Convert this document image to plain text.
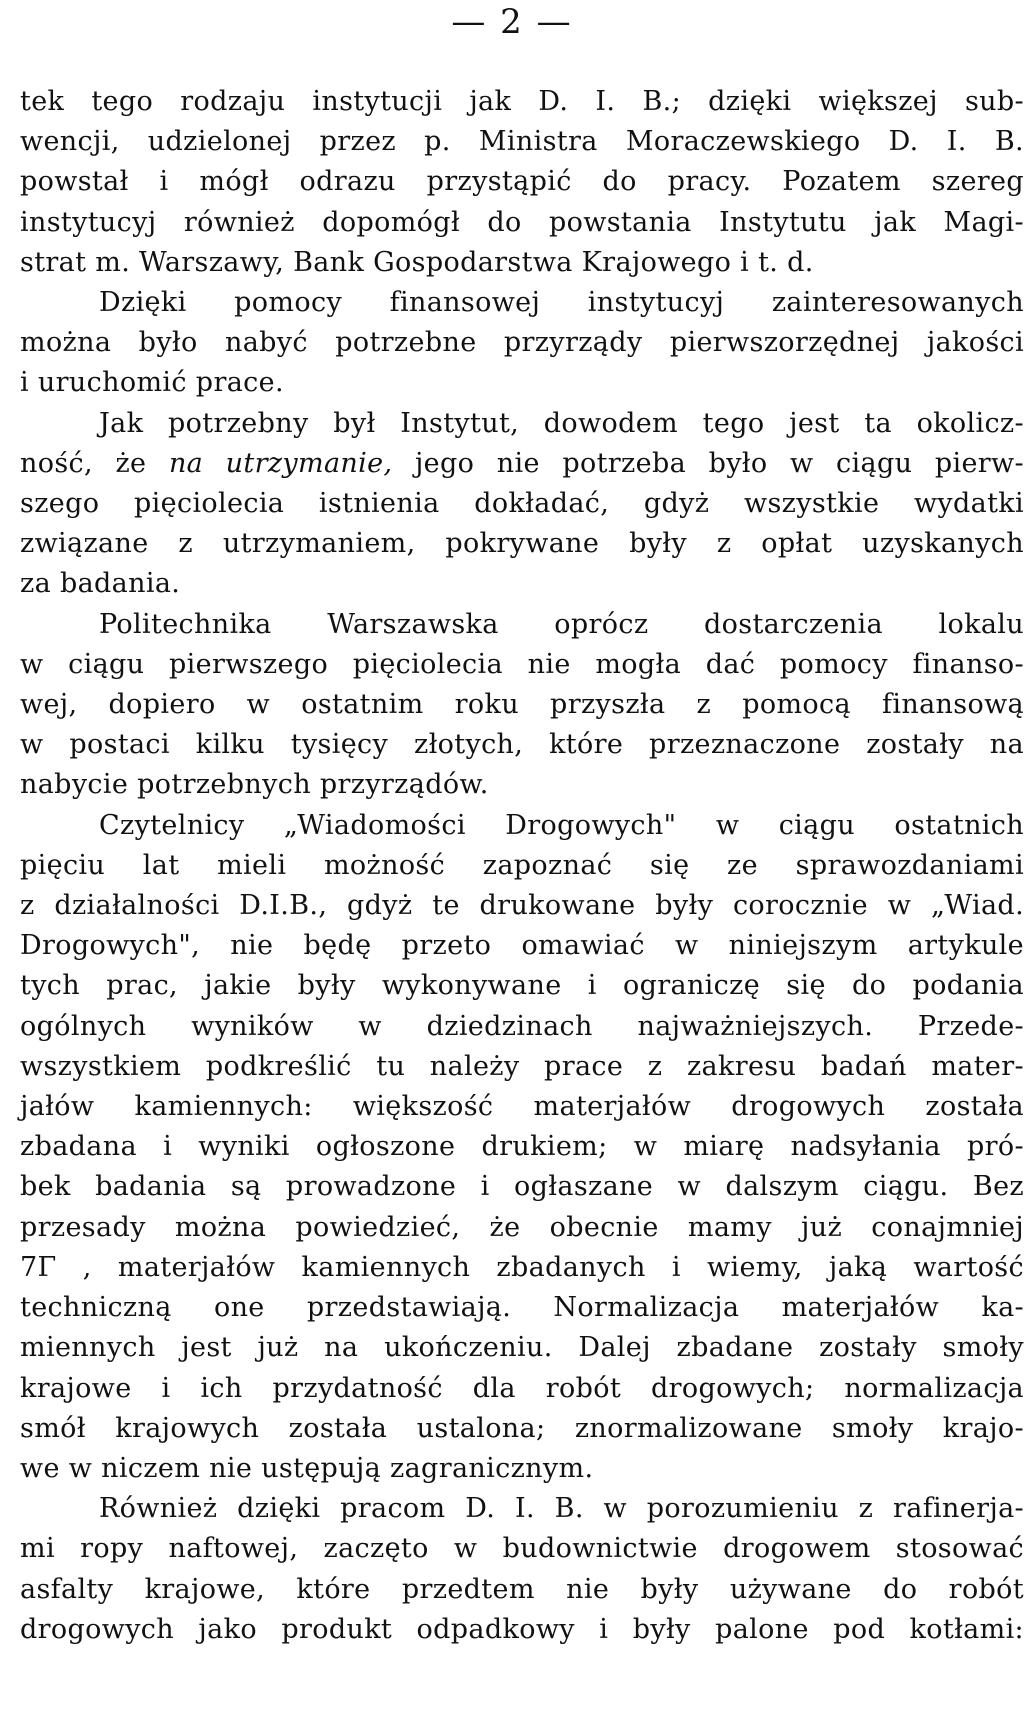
— 2 —
tek tego rodzaju instytucji jak D. I. B.; dzięki większej sub-
wencji, udzielonej przez p. Ministra Moraczewskiego D. I. B.
powstał i mógł odrazu przystąpić do pracy. Pozatem szereg
instytucyj również dopomógł do powstania Instytutu jak Magi-
strat m. Warszawy, Bank Gospodarstwa Krajowego i t. d.
Dzięki pomocy finansowej instytucyj zainteresowanych
można było nabyć potrzebne przyrządy pierwszorzędnej jakości
i uruchomić prace.
Jak potrzebny był Instytut, dowodem tego jest ta okolicz-
ność, że na utrzymanie, jego nie potrzeba było w ciągu pierw-
szego pięciolecia istnienia dokładać, gdyż wszystkie wydatki
związane z utrzymaniem, pokrywane były z opłat uzyskanych
za badania.
Politechnika Warszawska oprócz dostarczenia lokalu
w ciągu pierwszego pięciolecia nie mogła dać pomocy finanso-
wej, dopiero w ostatnim roku przyszła z pomocą finansową
w postaci kilku tysięcy złotych, które przeznaczone zostały na
nabycie potrzebnych przyrządów.
Czytelnicy „Wiadomości Drogowych" w ciągu ostatnich
pięciu lat mieli możność zapoznać się ze sprawozdaniami
z działalności D.I.B., gdyż te drukowane były corocznie w „Wiad.
Drogowych", nie będę przeto omawiać w niniejszym artykule
tych prac, jakie były wykonywane i ograniczę się do podania
ogólnych wyników w dziedzinach najważniejszych. Przede-
wszystkiem podkreślić tu należy prace z zakresu badań mater-
jałów kamiennych: większość materjałów drogowych została
zbadana i wyniki ogłoszone drukiem; w miarę nadsyłania pró-
bek badania są prowadzone i ogłaszane w dalszym ciągu. Bez
przesady można powiedzieć, że obecnie mamy już conajmniej
7Γ , materjałów kamiennych zbadanych i wiemy, jaką wartość
techniczną one przedstawiają. Normalizacja materjałów ka-
miennych jest już na ukończeniu. Dalej zbadane zostały smoły
krajowe i ich przydatność dla robót drogowych; normalizacja
smół krajowych została ustalona; znormalizowane smoły krajo-
we w niczem nie ustępują zagranicznym.
Również dzięki pracom D. I. B. w porozumieniu z rafinerja-
mi ropy naftowej, zaczęto w budownictwie drogowem stosować
asfalty krajowe, które przedtem nie były używane do robót
drogowych jako produkt odpadkowy i były palone pod kotłami:
